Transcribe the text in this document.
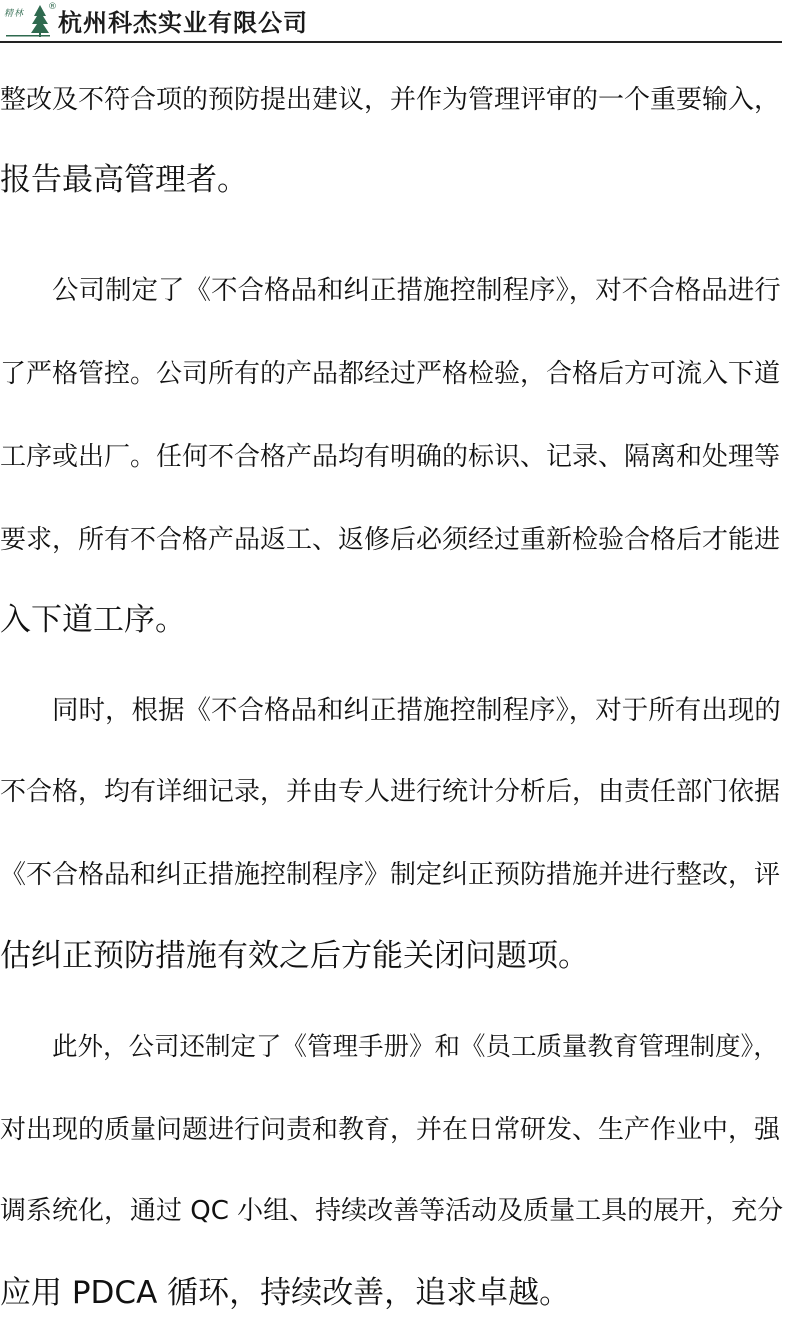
精林
®
杭州科杰实业有限公司
整改及不符合项的预防提出建议，并作为管理评审的一个重要输入，
报告最高管理者。
公司制定了《不合格品和纠正措施控制程序》，对不合格品进行
了严格管控。公司所有的产品都经过严格检验，合格后方可流入下道
工序或出厂。任何不合格产品均有明确的标识、记录、隔离和处理等
要求，所有不合格产品返工、返修后必须经过重新检验合格后才能进
入下道工序。
同时，根据《不合格品和纠正措施控制程序》，对于所有出现的
不合格，均有详细记录，并由专人进行统计分析后，由责任部门依据
《不合格品和纠正措施控制程序》制定纠正预防措施并进行整改，评
估纠正预防措施有效之后方能关闭问题项。
此外，公司还制定了《管理手册》和《员工质量教育管理制度》，
对出现的质量问题进行问责和教育，并在日常研发、生产作业中，强
调系统化，通过 QC 小组、持续改善等活动及质量工具的展开，充分
应用 PDCA 循环，持续改善，追求卓越。
